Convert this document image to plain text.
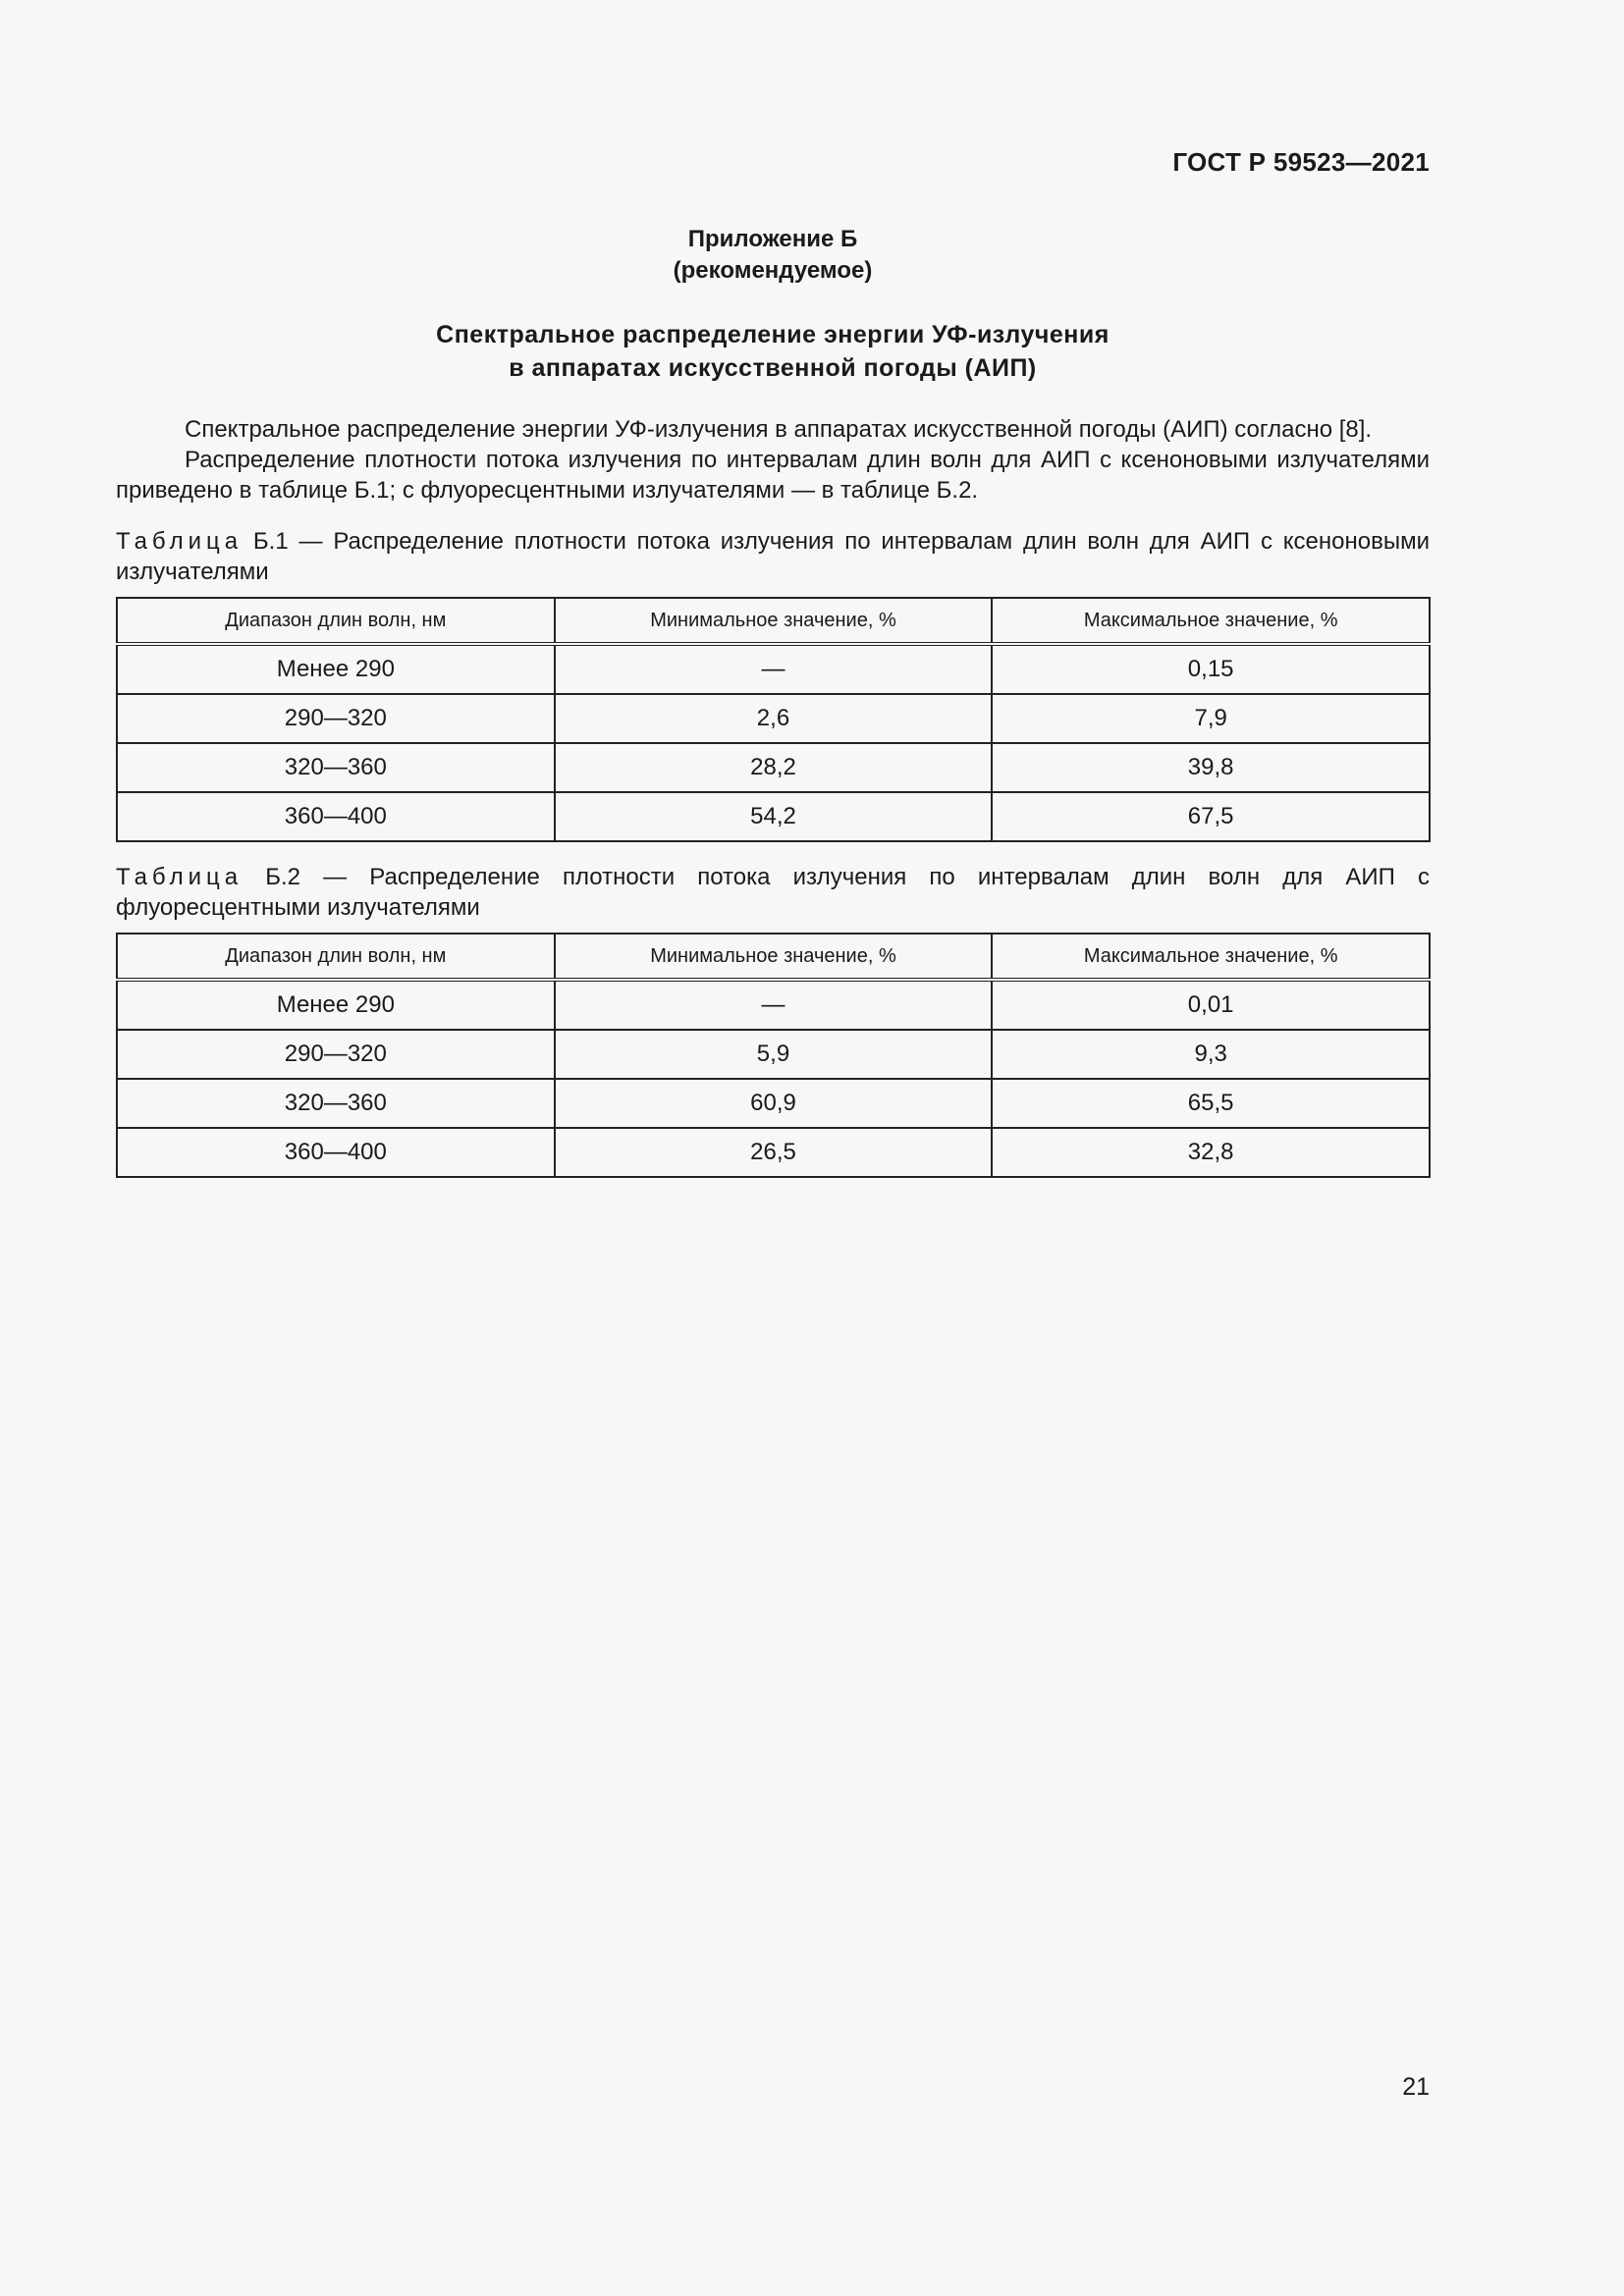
ГОСТ Р 59523—2021
Приложение Б
(рекомендуемое)
Спектральное распределение энергии УФ-излучения
в аппаратах искусственной погоды (АИП)

Спектральное распределение энергии УФ-излучения в аппаратах искусственной погоды (АИП) согласно [8].

Распределение плотности потока излучения по интервалам длин волн для АИП с ксеноновыми излучателями приведено в таблице Б.1; с флуоресцентными излучателями — в таблице Б.2.

Таблица Б.1 — Распределение плотности потока излучения по интервалам длин волн для АИП с ксеноновыми излучателями
Диапазон длин волн, нм	Минимальное значение, %	Максимальное значение, %
Менее 290	—	0,15
290—320	2,6	7,9
320—360	28,2	39,8
360—400	54,2	67,5
Таблица Б.2 — Распределение плотности потока излучения по интервалам длин волн для АИП с флуоресцентными излучателями
Диапазон длин волн, нм	Минимальное значение, %	Максимальное значение, %
Менее 290	—	0,01
290—320	5,9	9,3
320—360	60,9	65,5
360—400	26,5	32,8
21
